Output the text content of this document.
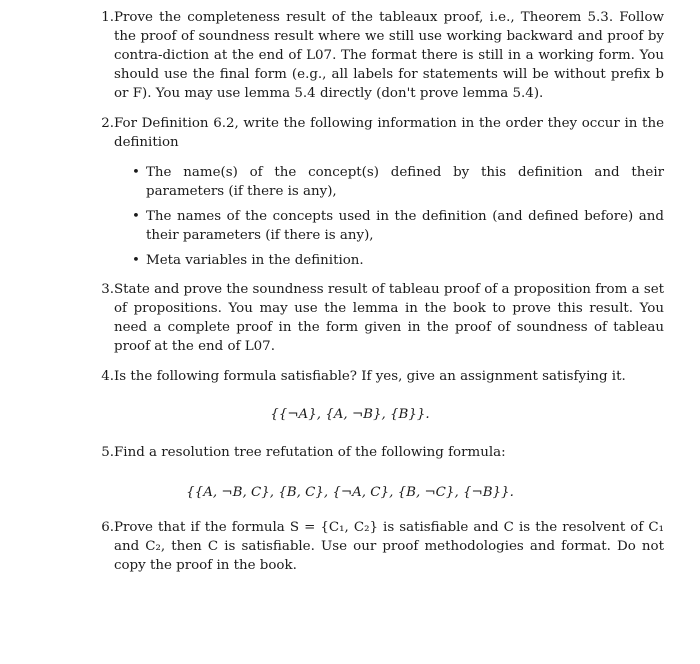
1. Prove the completeness result of the tableaux proof, i.e., Theorem 5.3. Follow the proof of soundness result where we still use working backward and proof by contra-diction at the end of L07. The format there is still in a working form. You should use the final form (e.g., all labels for statements will be without prefix b or F). You may use lemma 5.4 directly (don't prove lemma 5.4).
2. For Definition 6.2, write the following information in the order they occur in the definition
• The name(s) of the concept(s) defined by this definition and their parameters (if there is any),
• The names of the concepts used in the definition (and defined before) and their parameters (if there is any),
• Meta variables in the definition.
3. State and prove the soundness result of tableau proof of a proposition from a set of propositions. You may use the lemma in the book to prove this result. You need a complete proof in the form given in the proof of soundness of tableau proof at the end of L07.
4. Is the following formula satisfiable? If yes, give an assignment satisfying it.
{{¬A}, {A, ¬B}, {B}}.
5. Find a resolution tree refutation of the following formula:
{{A, ¬B, C}, {B, C}, {¬A, C}, {B, ¬C}, {¬B}}.
6. Prove that if the formula S = {C₁, C₂} is satisfiable and C is the resolvent of C₁ and C₂, then C is satisfiable. Use our proof methodologies and format. Do not copy the proof in the book.
